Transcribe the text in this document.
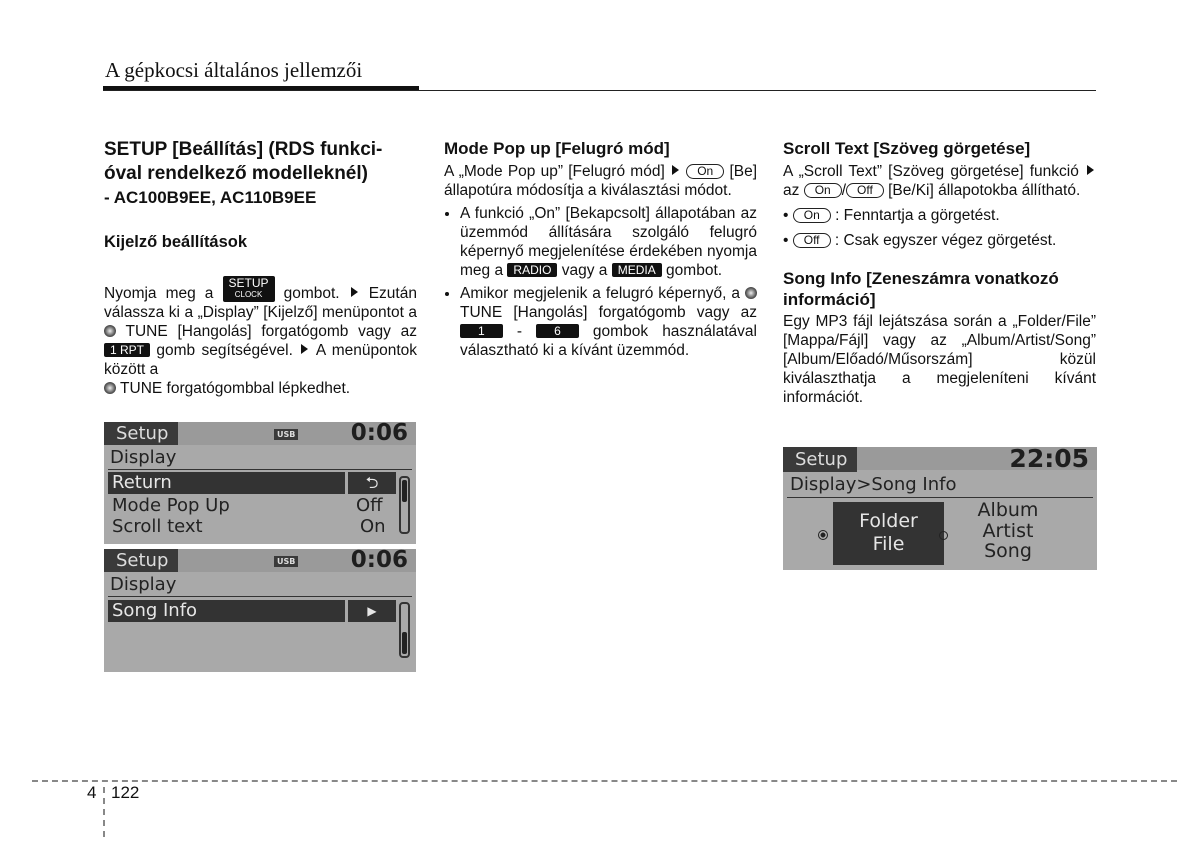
A gépkocsi általános jellemzői
SETUP [Beállítás] (RDS funkci-
óval rendelkező modelleknél)
- AC100B9EE, AC110B9EE
Kijelző beállítások
Nyomja meg a SETUP
CLOCK gombot. Ezután válassza ki a „Display” [Kijelző] menüpontot a  TUNE [Hangolás] forgatógomb vagy az 1 RPT gomb segítségével. A menüpontok között a
TUNE forgatógombbal lépkedhet.
Setup	USB 0:06
Display
Return	⮌
Mode Pop Up	Off
Scroll text	On
Setup	USB 0:06
Display
Song Info	▶
Mode Pop up [Felugró mód]
A „Mode Pop up” [Felugró mód]	On [Be] állapotúra módosítja a kiválasztási módot.
• A funkció „On” [Bekapcsolt] állapotában az üzemmód állítására szolgáló felugró képernyő megjelenítése érdekében nyomja meg a RADIO vagy a MEDIA gombot.
• Amikor megjelenik a felugró képernyő, a  TUNE [Hangolás] forgatógomb vagy az 1 -	6 gombok használatával választható ki a kívánt üzemmód.
Scroll Text [Szöveg görgetése]
A „Scroll Text” [Szöveg görgetése] funkció  az On / Off [Be/Ki] állapotokba állítható.
• On : Fenntartja a görgetést.
• Off : Csak egyszer végez görgetést.
Song Info [Zeneszámra vonatkozó
információ]
Egy MP3 fájl lejátszása során a „Folder/File” [Mappa/Fájl] vagy az „Album/Artist/Song” [Album/Előadó/Műsorszám] közül kiválaszthatja a megjeleníteni kívánt információt.
Setup	22:05
Display>Song Info
Folder
File
Album
Artist
Song
4 122
